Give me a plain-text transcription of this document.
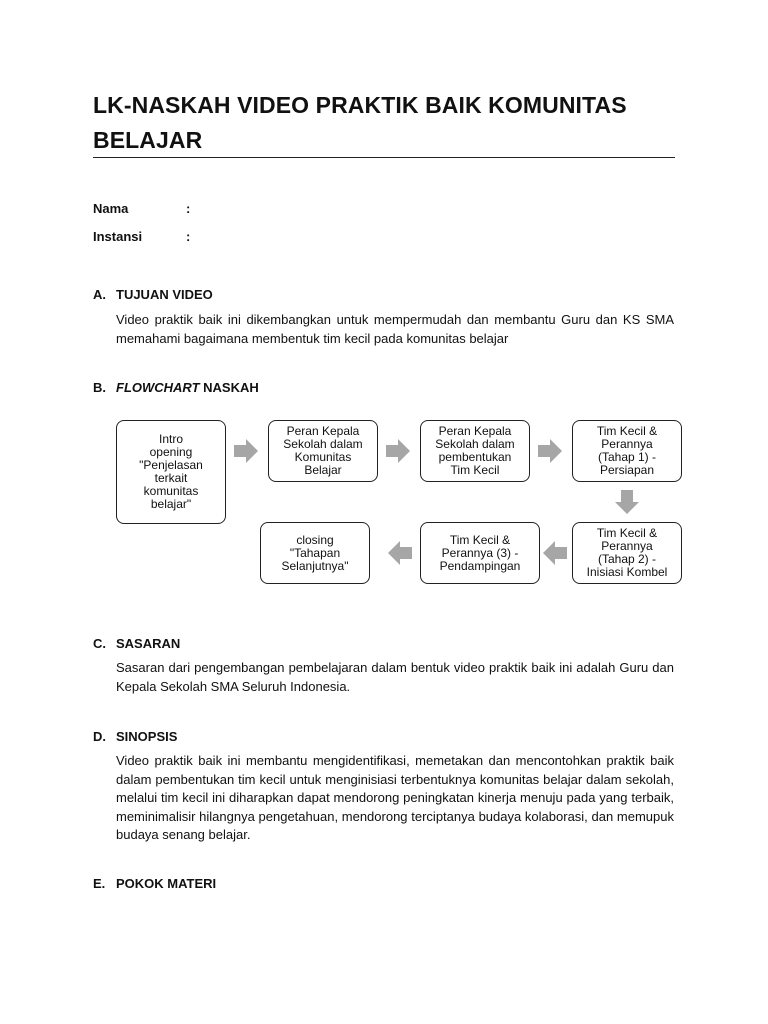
LK-NASKAH VIDEO PRAKTIK BAIK KOMUNITAS BELAJAR
Nama	:
Instansi	:
A. TUJUAN VIDEO
Video praktik baik ini dikembangkan untuk mempermudah dan membantu Guru dan KS SMA memahami bagaimana membentuk tim kecil pada komunitas belajar
B. FLOWCHART NASKAH
Intro
opening
"Penjelasan
terkait
komunitas
belajar"
Peran Kepala
Sekolah dalam
Komunitas
Belajar
Peran Kepala
Sekolah dalam
pembentukan
Tim Kecil
Tim Kecil &
Perannya
(Tahap 1) -
Persiapan
Tim Kecil &
Perannya
(Tahap 2) -
Inisiasi Kombel
Tim Kecil &
Perannya (3) -
Pendampingan
closing
"Tahapan
Selanjutnya"
C. SASARAN
Sasaran dari pengembangan pembelajaran dalam bentuk video praktik baik ini adalah Guru dan Kepala Sekolah SMA Seluruh Indonesia.
D. SINOPSIS
Video praktik baik ini membantu mengidentifikasi, memetakan dan mencontohkan praktik baik dalam pembentukan tim kecil untuk menginisiasi terbentuknya komunitas belajar dalam sekolah, melalui tim kecil ini diharapkan dapat mendorong peningkatan kinerja menuju pada yang terbaik, meminimalisir hilangnya pengetahuan, mendorong terciptanya budaya kolaborasi, dan memupuk budaya senang belajar.
E. POKOK MATERI
